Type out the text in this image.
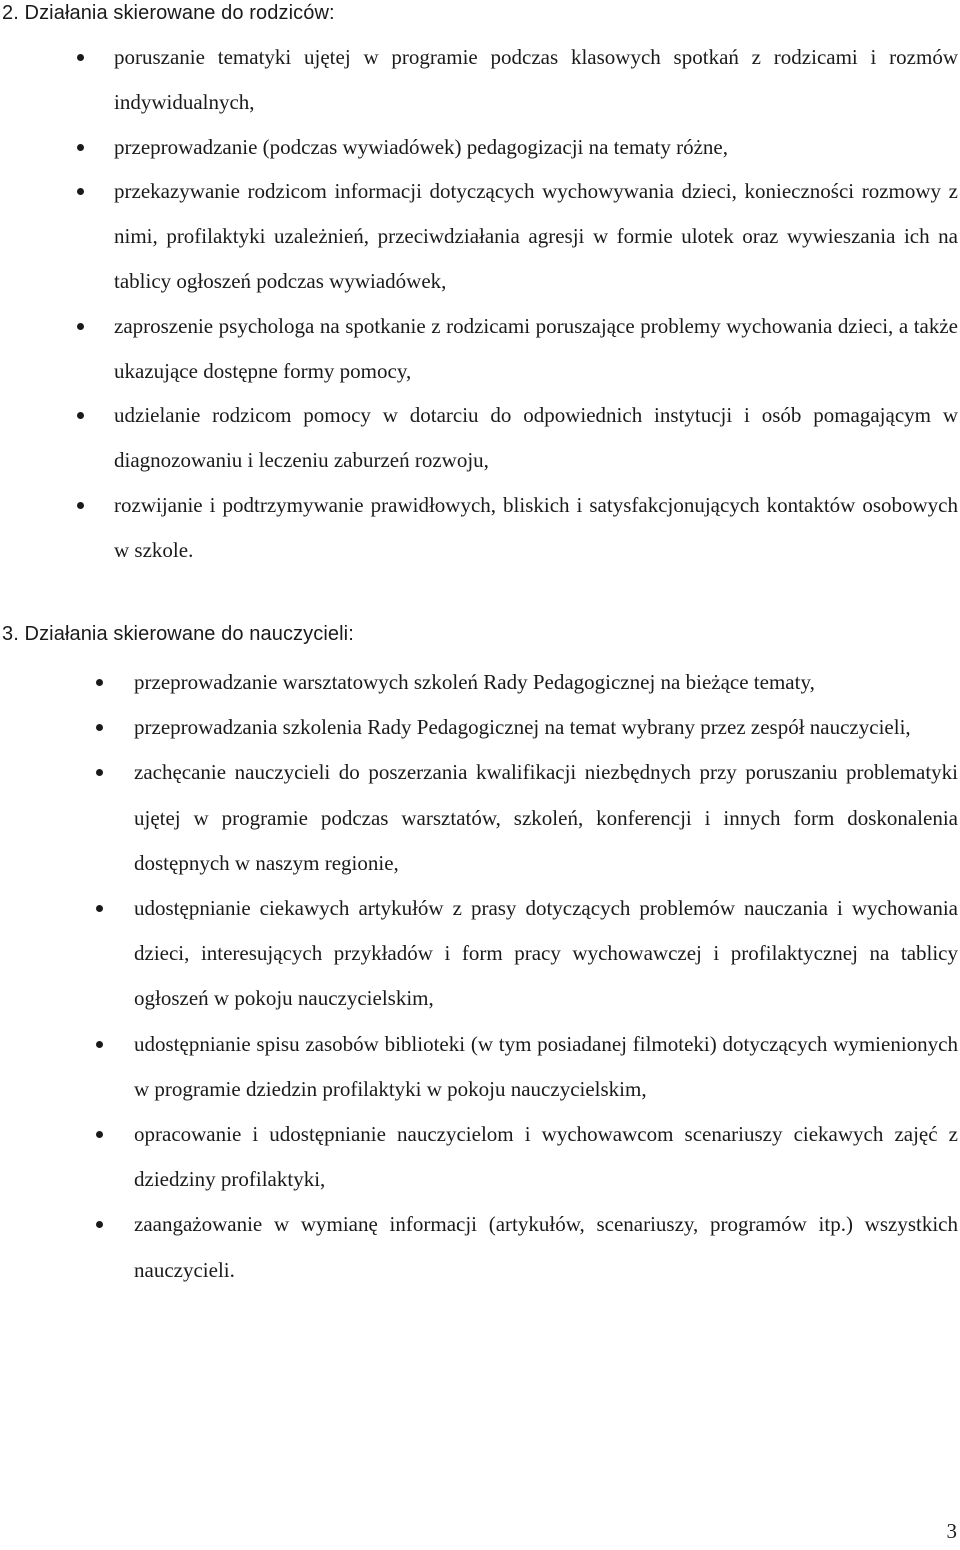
2. Działania skierowane do rodziców:
poruszanie tematyki ujętej w programie podczas klasowych spotkań z rodzicami i rozmów indywidualnych,
przeprowadzanie (podczas wywiadówek) pedagogizacji na tematy różne,
przekazywanie rodzicom informacji dotyczących wychowywania dzieci, konieczności rozmowy z nimi, profilaktyki uzależnień, przeciwdziałania agresji w formie ulotek oraz wywieszania ich na tablicy ogłoszeń podczas wywiadówek,
zaproszenie psychologa na spotkanie z rodzicami poruszające problemy wychowania dzieci, a także ukazujące dostępne formy pomocy,
udzielanie rodzicom pomocy w dotarciu do odpowiednich instytucji i osób pomagającym w diagnozowaniu i leczeniu zaburzeń rozwoju,
rozwijanie i podtrzymywanie prawidłowych, bliskich i satysfakcjonujących kontaktów osobowych w szkole.
3. Działania skierowane do nauczycieli:
przeprowadzanie warsztatowych szkoleń Rady Pedagogicznej na bieżące tematy,
przeprowadzania szkolenia Rady Pedagogicznej na temat wybrany przez zespół nauczycieli,
zachęcanie nauczycieli do poszerzania kwalifikacji niezbędnych przy poruszaniu problematyki ujętej w programie podczas warsztatów, szkoleń, konferencji i innych form doskonalenia dostępnych w naszym regionie,
udostępnianie ciekawych artykułów z prasy dotyczących problemów nauczania i wychowania dzieci, interesujących przykładów i form pracy wychowawczej i profilaktycznej na tablicy ogłoszeń w pokoju nauczycielskim,
udostępnianie spisu zasobów biblioteki (w tym posiadanej filmoteki) dotyczących wymienionych w programie dziedzin profilaktyki w pokoju nauczycielskim,
opracowanie i udostępnianie nauczycielom i wychowawcom scenariuszy ciekawych zajęć z dziedziny profilaktyki,
zaangażowanie w wymianę informacji (artykułów, scenariuszy, programów itp.) wszystkich nauczycieli.
3
